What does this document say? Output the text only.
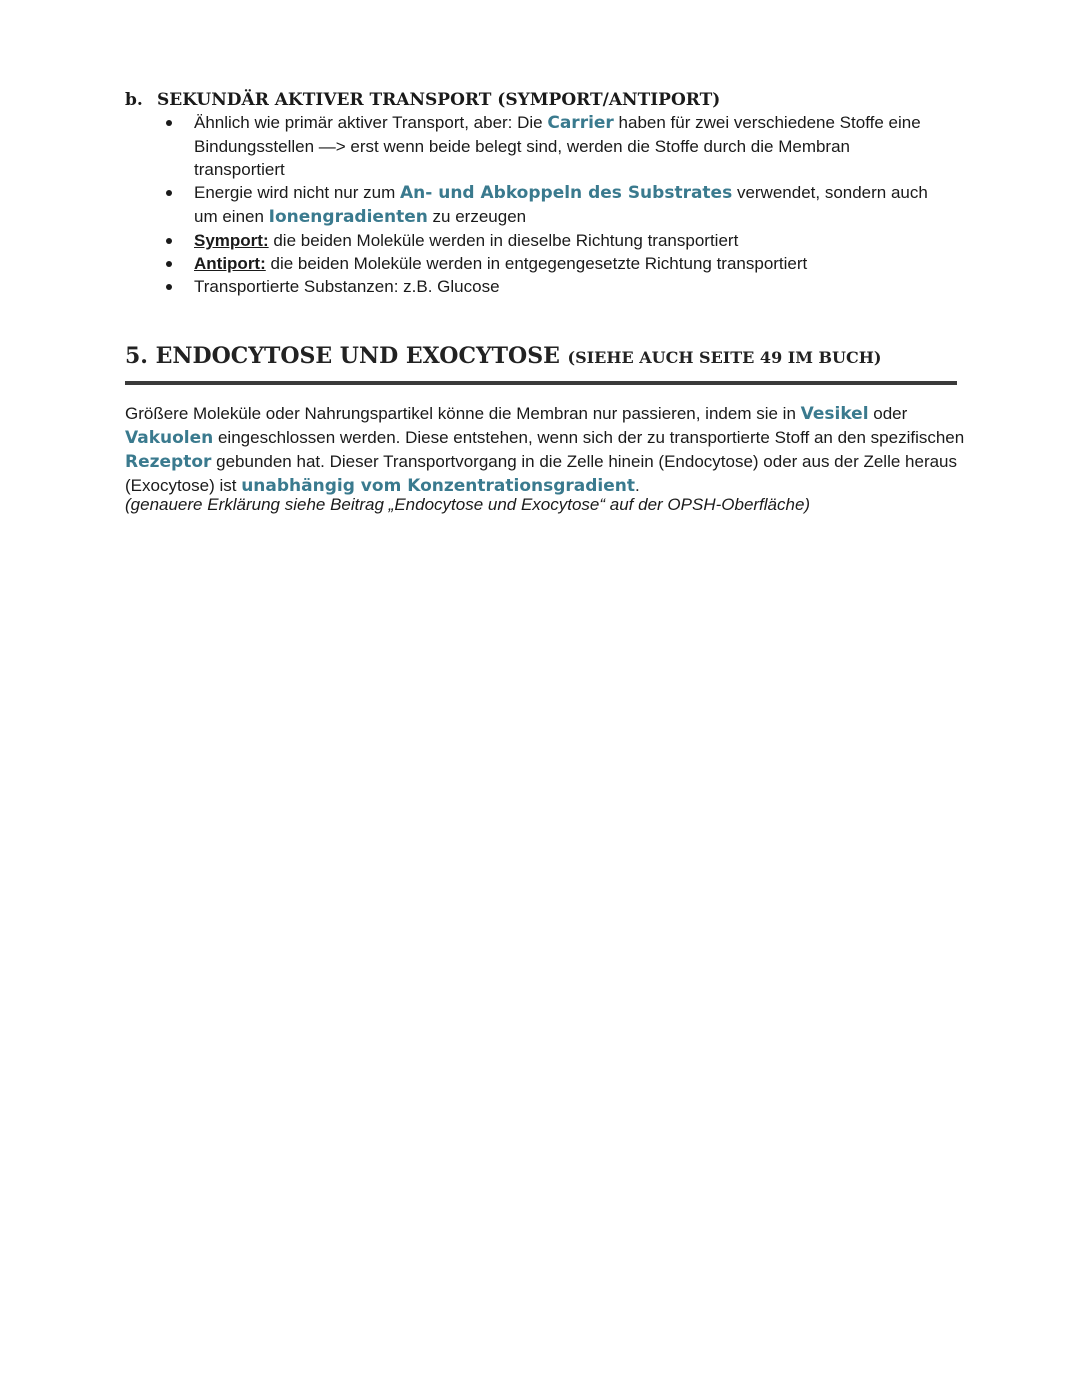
b. SEKUNDÄR AKTIVER TRANSPORT (SYMPORT/ANTIPORT)
Ähnlich wie primär aktiver Transport, aber: Die Carrier haben für zwei verschiedene Stoffe eine Bindungsstellen —> erst wenn beide belegt sind, werden die Stoffe durch die Membran transportiert
Energie wird nicht nur zum An- und Abkoppeln des Substrates verwendet, sondern auch um einen Ionengradienten zu erzeugen
Symport: die beiden Moleküle werden in dieselbe Richtung transportiert
Antiport: die beiden Moleküle werden in entgegengesetzte Richtung transportiert
Transportierte Substanzen: z.B. Glucose
5. ENDOCYTOSE UND EXOCYTOSE (SIEHE AUCH SEITE 49 IM BUCH)

Größere Moleküle oder Nahrungspartikel könne die Membran nur passieren, indem sie in Vesikel oder Vakuolen eingeschlossen werden. Diese entstehen, wenn sich der zu transportierte Stoff an den spezifischen Rezeptor gebunden hat. Dieser Transportvorgang in die Zelle hinein (Endocytose) oder aus der Zelle heraus (Exocytose) ist unabhängig vom Konzentrationsgradient.

(genauere Erklärung siehe Beitrag „Endocytose und Exocytose“ auf der OPSH-Oberfläche)
